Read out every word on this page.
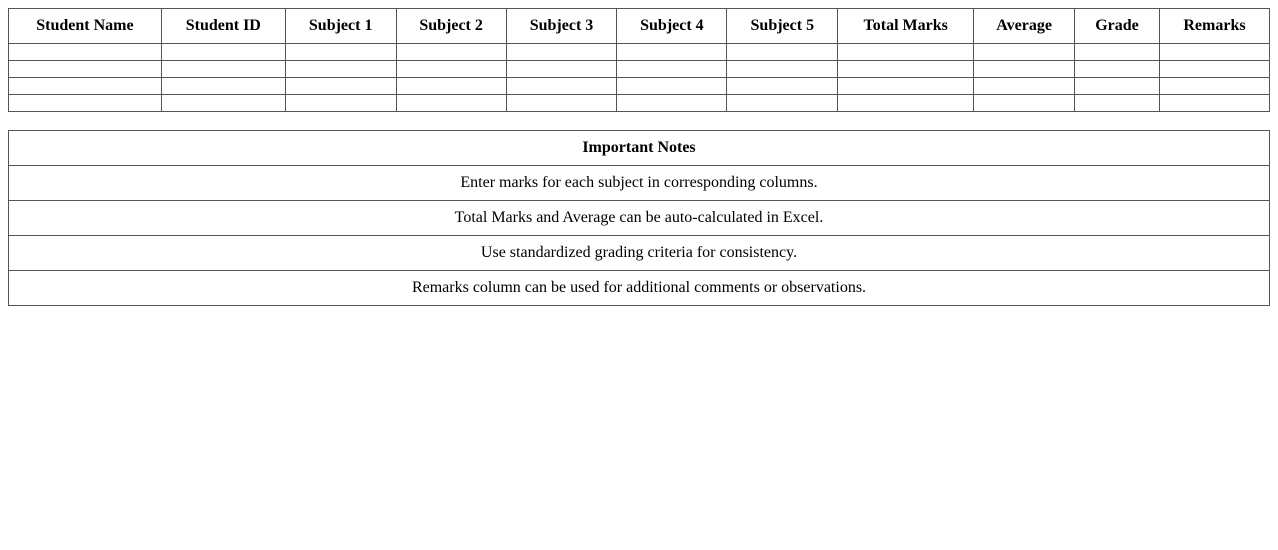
Student Name	Student ID	Subject 1	Subject 2	Subject 3	Subject 4	Subject 5	Total Marks	Average	Grade	Remarks

Important Notes
Enter marks for each subject in corresponding columns.
Total Marks and Average can be auto-calculated in Excel.
Use standardized grading criteria for consistency.
Remarks column can be used for additional comments or observations.
